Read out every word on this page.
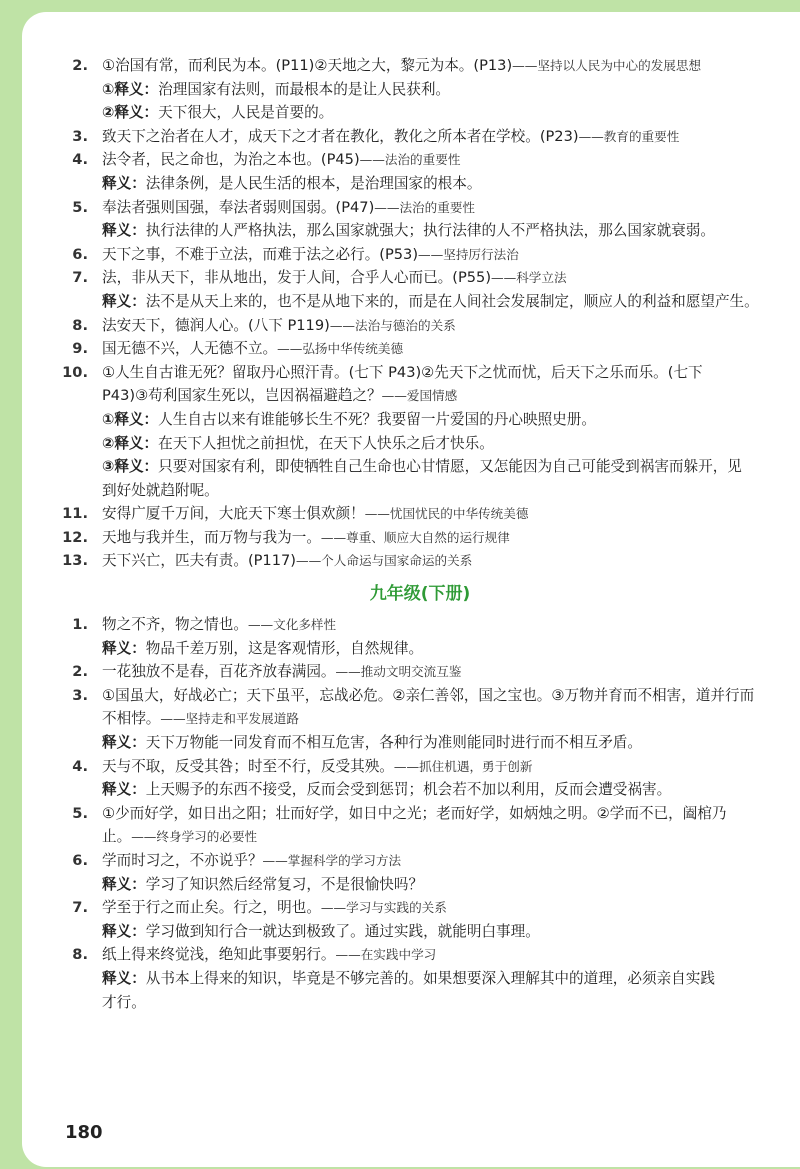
2. ①治国有常，而利民为本。(P11)②天地之大，黎元为本。(P13)——坚持以人民为中心的发展思想
①释义：治理国家有法则，而最根本的是让人民获利。
②释义：天下很大，人民是首要的。
3. 致天下之治者在人才，成天下之才者在教化，教化之所本者在学校。(P23)——教育的重要性
4. 法令者，民之命也，为治之本也。(P45)——法治的重要性
释义：法律条例，是人民生活的根本，是治理国家的根本。
5. 奉法者强则国强，奉法者弱则国弱。(P47)——法治的重要性
释义：执行法律的人严格执法，那么国家就强大；执行法律的人不严格执法，那么国家就衰弱。
6. 天下之事，不难于立法，而难于法之必行。(P53)——坚持厉行法治
7. 法，非从天下，非从地出，发于人间，合乎人心而已。(P55)——科学立法
释义：法不是从天上来的，也不是从地下来的，而是在人间社会发展制定，顺应人的利益和愿望产生。
8. 法安天下，德润人心。(八下 P119)——法治与德治的关系
9. 国无德不兴，人无德不立。——弘扬中华传统美德
10. ①人生自古谁无死？留取丹心照汗青。(七下 P43)②先天下之忧而忧，后天下之乐而乐。(七下
P43)③苟利国家生死以，岂因祸福避趋之？——爱国情感
①释义：人生自古以来有谁能够长生不死？我要留一片爱国的丹心映照史册。
②释义：在天下人担忧之前担忧，在天下人快乐之后才快乐。
③释义：只要对国家有利，即使牺牲自己生命也心甘情愿，又怎能因为自己可能受到祸害而躲开，见
到好处就趋附呢。
11. 安得广厦千万间，大庇天下寒士俱欢颜！——忧国忧民的中华传统美德
12. 天地与我并生，而万物与我为一。——尊重、顺应大自然的运行规律
13. 天下兴亡，匹夫有责。(P117)——个人命运与国家命运的关系
九年级(下册)
1. 物之不齐，物之情也。——文化多样性
释义：物品千差万别，这是客观情形，自然规律。
2. 一花独放不是春，百花齐放春满园。——推动文明交流互鉴
3. ①国虽大，好战必亡；天下虽平，忘战必危。②亲仁善邻，国之宝也。③万物并育而不相害，道并行而
不相悖。——坚持走和平发展道路
释义：天下万物能一同发育而不相互危害，各种行为准则能同时进行而不相互矛盾。
4. 天与不取，反受其咎；时至不行，反受其殃。——抓住机遇，勇于创新
释义：上天赐予的东西不接受，反而会受到惩罚；机会若不加以利用，反而会遭受祸害。
5. ①少而好学，如日出之阳；壮而好学，如日中之光；老而好学，如炳烛之明。②学而不已，阖棺乃
止。——终身学习的必要性
6. 学而时习之，不亦说乎？——掌握科学的学习方法
释义：学习了知识然后经常复习，不是很愉快吗？
7. 学至于行之而止矣。行之，明也。——学习与实践的关系
释义：学习做到知行合一就达到极致了。通过实践，就能明白事理。
8. 纸上得来终觉浅，绝知此事要躬行。——在实践中学习
释义：从书本上得来的知识，毕竟是不够完善的。如果想要深入理解其中的道理，必须亲自实践
才行。
180
